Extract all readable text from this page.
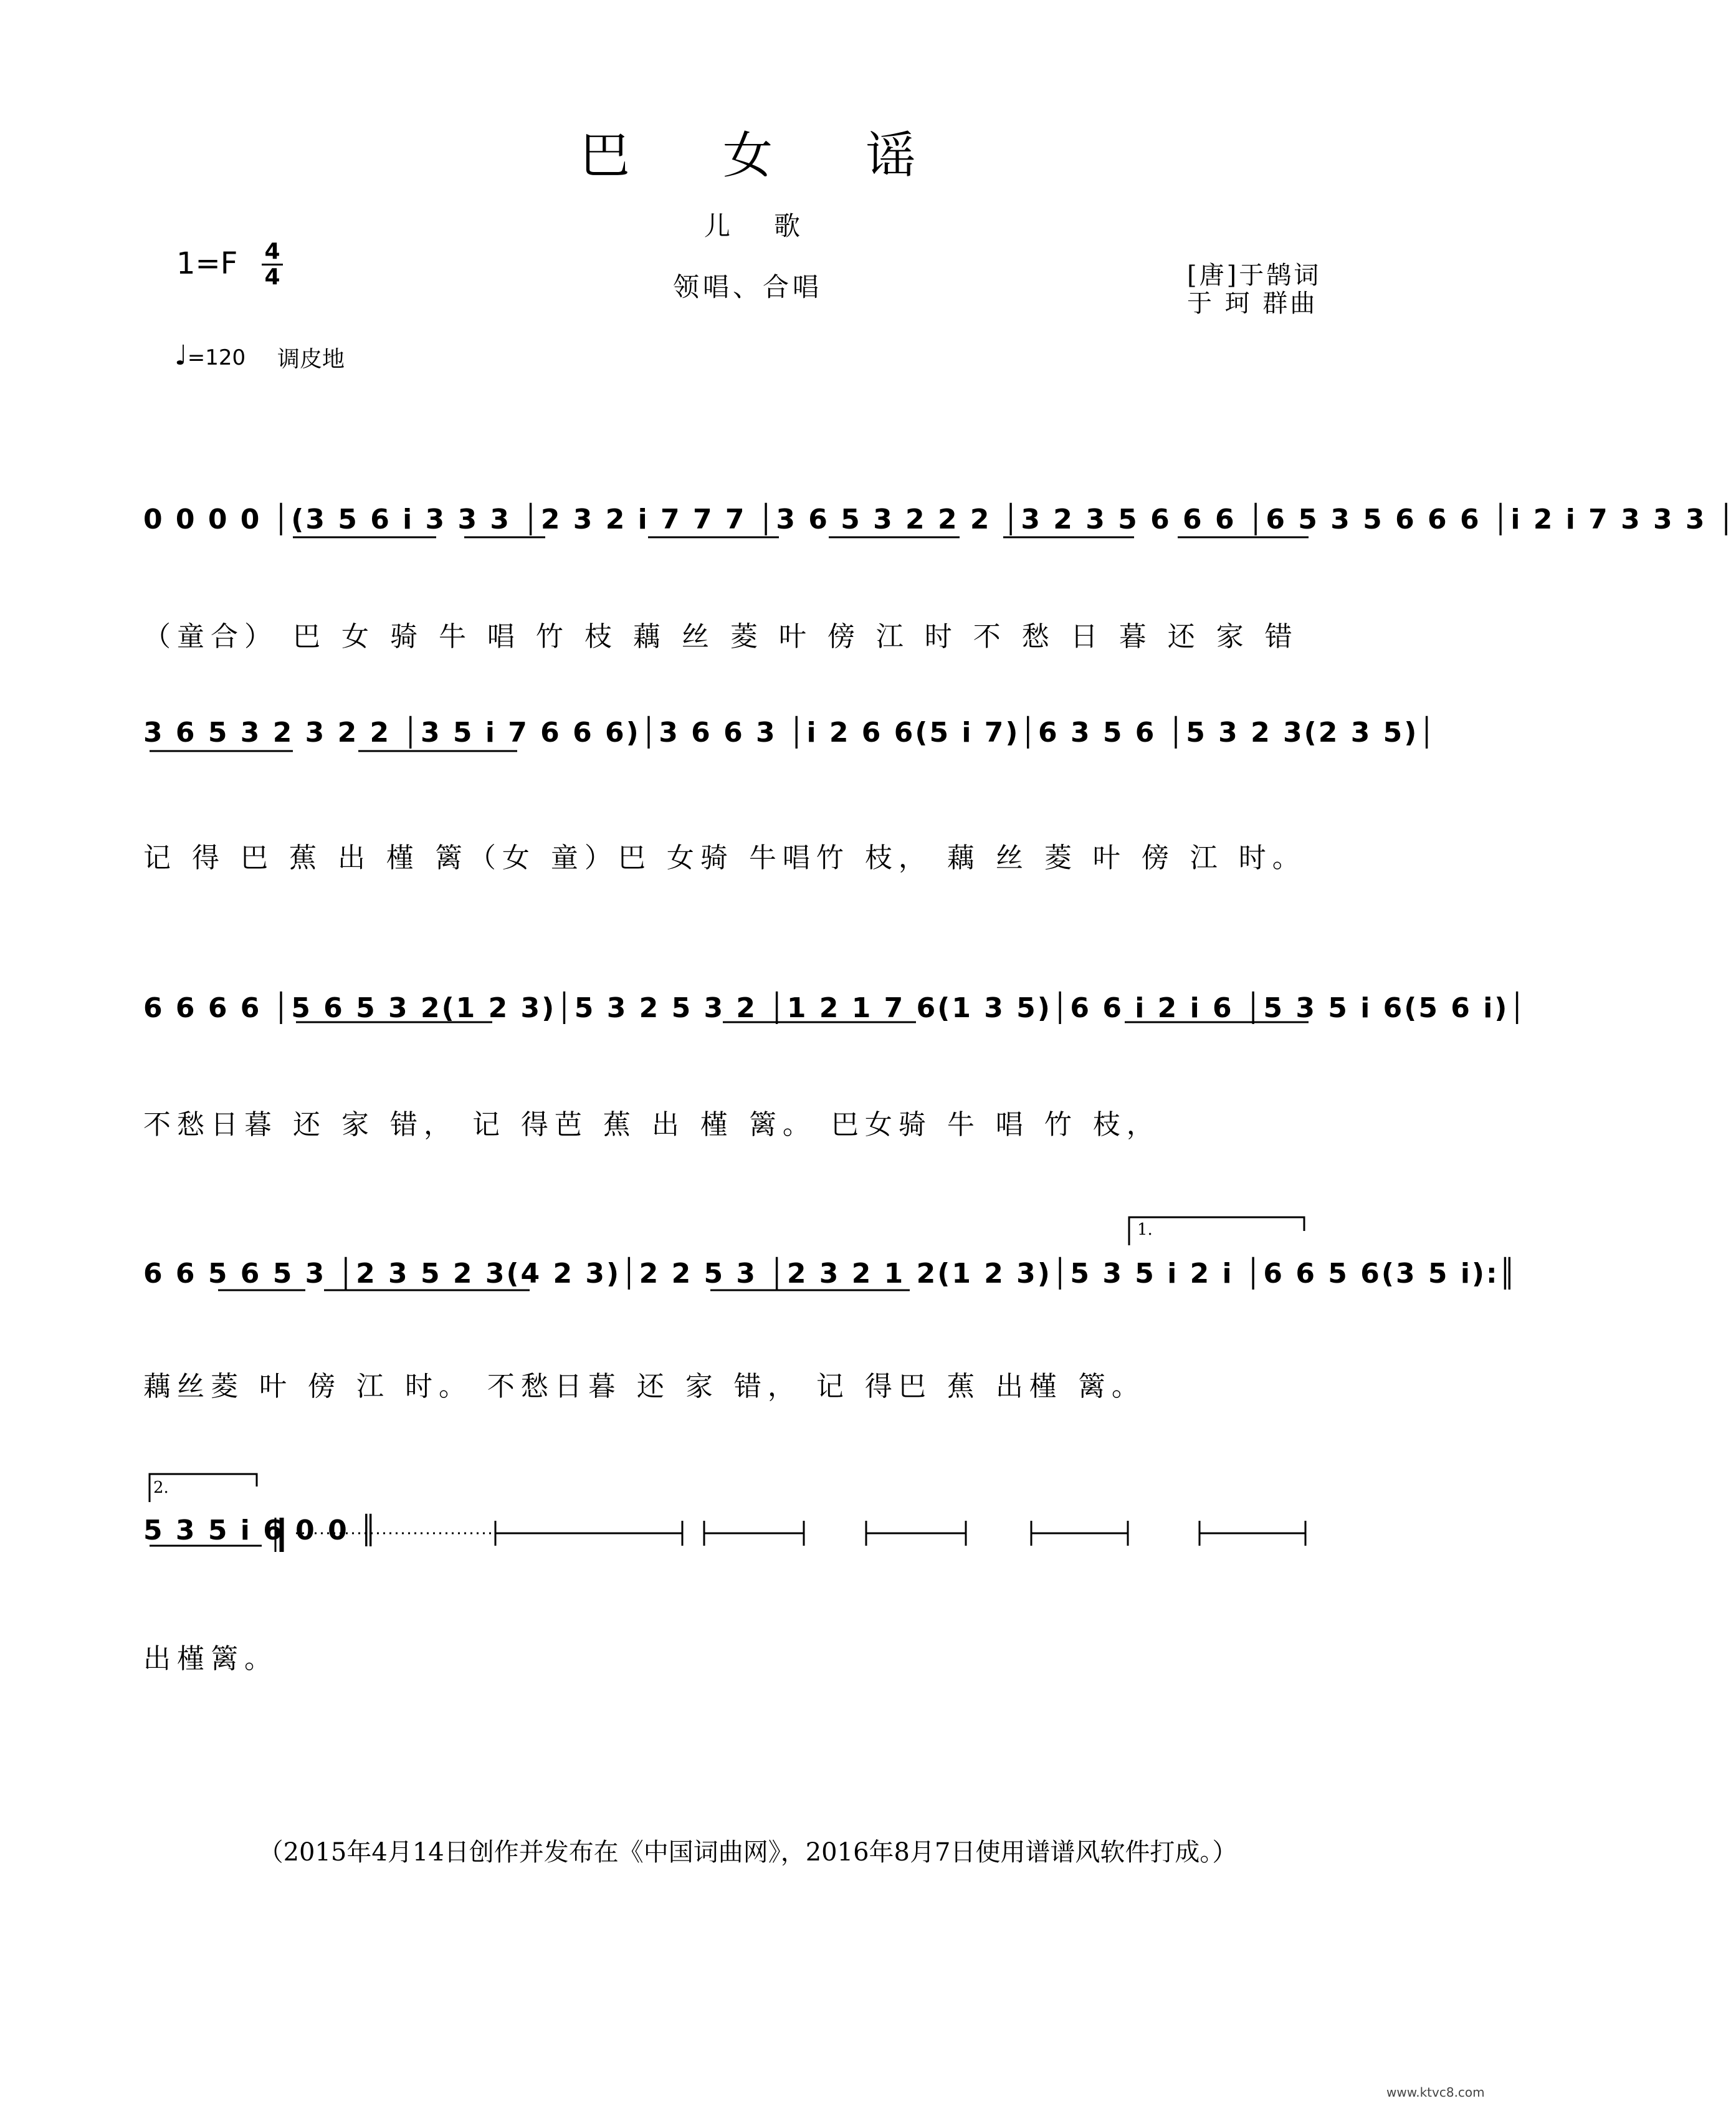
巴 女 谣
儿歌
领唱、合唱
1=F 4
4	[唐]于鹄词
于 珂 群曲
♩=120 调皮地
0 0 0 0 │(3 5 6 i 3 3 3 │2 3 2 i 7 7 7 │3 6 5 3 2 2 2 │3 2 3 5 6 6 6 │6 5 3 5 6 6 6 │i 2 i 7 3 3 3 │
（童合） 巴 女 骑 牛 唱 竹 枝 藕 丝 菱 叶 傍 江 时 不 愁 日 暮 还 家 错
3 6 5 3 2 3 2 2 │3 5 i 7 6 6 6)│3 6 6 3 │i 2 6 6(5 i 7)│6 3 5 6 │5 3 2 3(2 3 5)│
记 得 巴 蕉 出 槿 篱（女 童）巴 女骑 牛唱竹 枝， 藕 丝 菱 叶 傍 江 时。
6 6 6 6 │5 6 5 3 2(1 2 3)│5 3 2 5 3 2 │1 2 1 7 6(1 3 5)│6 6 i 2 i 6 │5 3 5 i 6(5 6 i)│
不愁日暮 还 家 错， 记 得芭 蕉 出 槿 篱。 巴女骑 牛 唱 竹 枝，
6 6 5 6 5 3 │2 3 5 2 3(4 2 3)│2 2 5 3 │2 3 2 1 2(1 2 3)│5 3 5 i 2 i │6 6 5 6(3 5 i):║
藕丝菱 叶 傍 江 时。 不愁日暮 还 家 错， 记 得巴 蕉 出槿 篱。
5 3 5 i 6 0 0 ║
出槿篱。
1.
2.
（2015年4月14日创作并发布在《中国词曲网》，2016年8月7日使用谱谱风软件打成。）
www.ktvc8.com
